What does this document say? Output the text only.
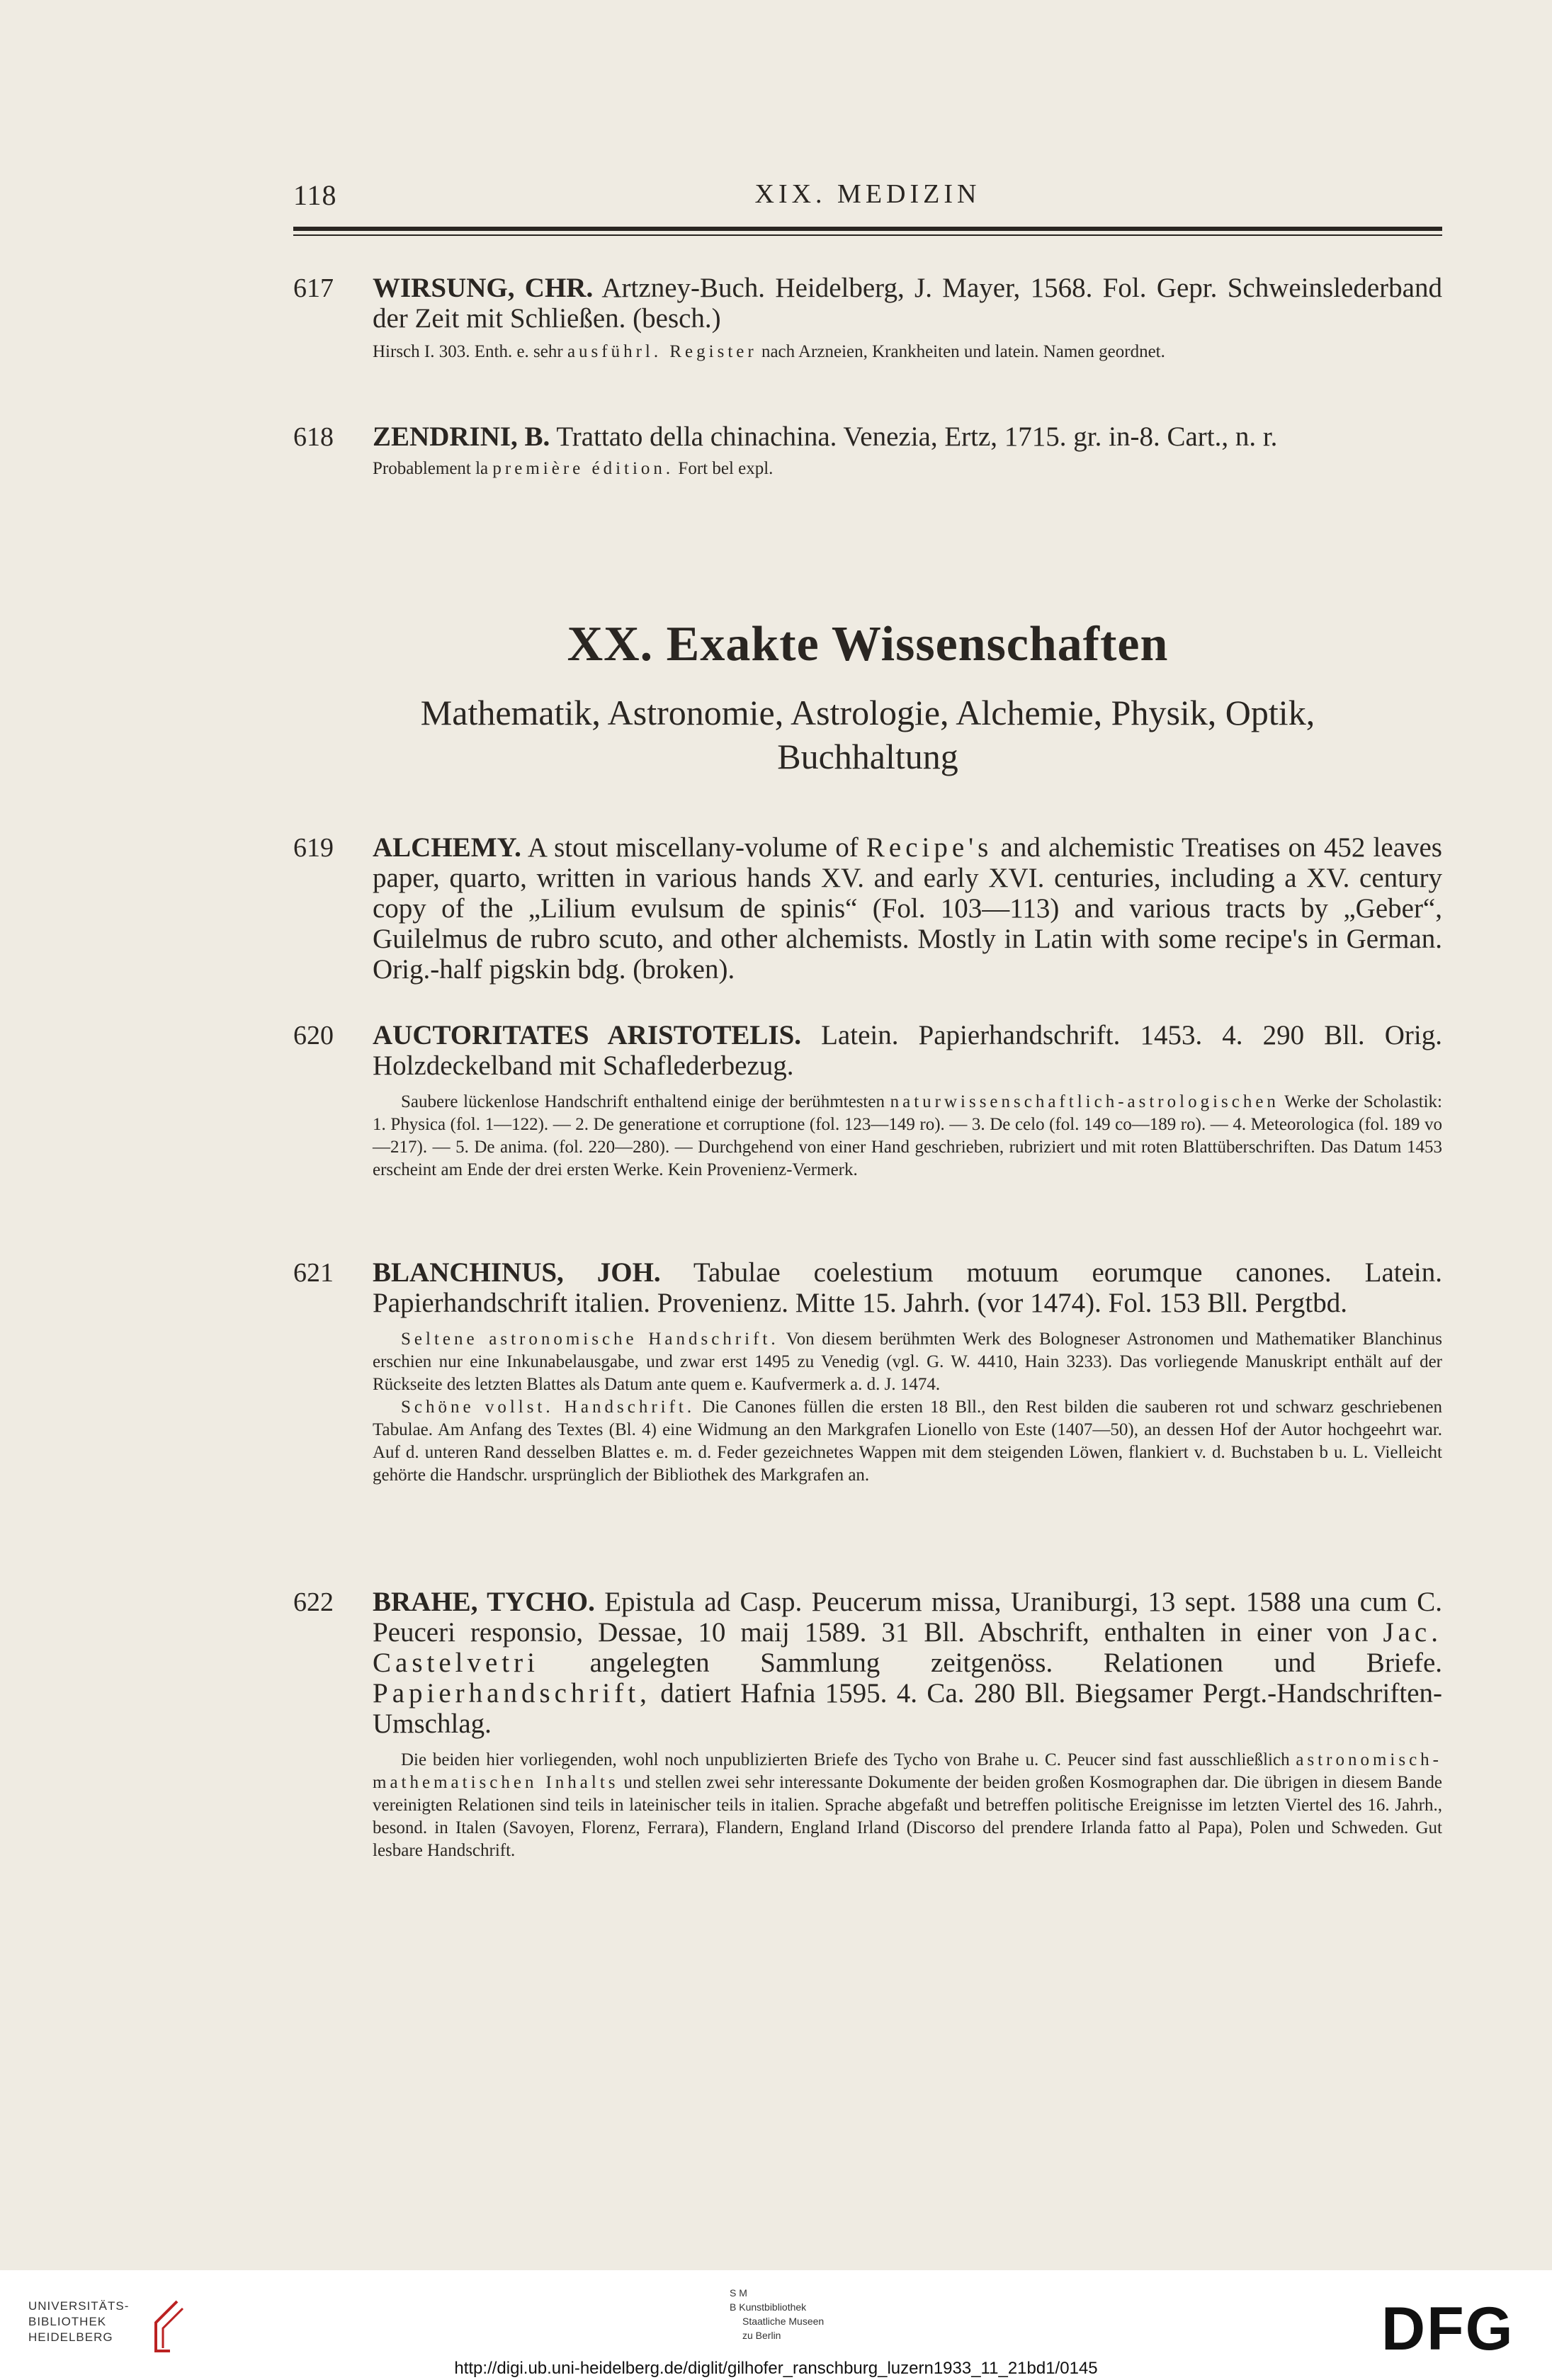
118	XIX. MEDIZIN
617 WIRSUNG, CHR. Artzney-Buch. Heidelberg, J. Mayer, 1568. Fol. Gepr. Schweinslederband der Zeit mit Schließen. (besch.)
Hirsch I. 303. Enth. e. sehr ausführl. Register nach Arzneien, Krankheiten und latein. Namen geordnet.
618 ZENDRINI, B. Trattato della chinachina. Venezia, Ertz, 1715. gr. in-8. Cart., n. r.
Probablement la première édition. Fort bel expl.
XX. Exakte Wissenschaften
Mathematik, Astronomie, Astrologie, Alchemie, Physik, Optik, Buchhaltung
619 ALCHEMY. A stout miscellany-volume of Recipe's and alchemistic Treatises on 452 leaves paper, quarto, written in various hands XV. and early XVI. centuries, including a XV. century copy of the „Lilium evulsum de spinis“ (Fol. 103—113) and various tracts by „Geber“, Guilelmus de rubro scuto, and other alchemists. Mostly in Latin with some recipe's in German. Orig.-half pigskin bdg. (broken).
620 AUCTORITATES ARISTOTELIS. Latein. Papierhandschrift. 1453. 4. 290 Bll. Orig. Holzdeckelband mit Schaflederbezug.

Saubere lückenlose Handschrift enthaltend einige der berühmtesten naturwissenschaftlich-astrologischen Werke der Scholastik: 1. Physica (fol. 1—122). — 2. De generatione et corruptione (fol. 123—149 ro). — 3. De celo (fol. 149 co—189 ro). — 4. Meteorologica (fol. 189 vo—217). — 5. De anima. (fol. 220—280). — Durchgehend von einer Hand geschrieben, rubriziert und mit roten Blattüberschriften. Das Datum 1453 erscheint am Ende der drei ersten Werke. Kein Provenienz-Vermerk.

621 BLANCHINUS, JOH. Tabulae coelestium motuum eorumque canones. Latein. Papierhandschrift italien. Provenienz. Mitte 15. Jahrh. (vor 1474). Fol. 153 Bll. Pergtbd.

Seltene astronomische Handschrift. Von diesem berühmten Werk des Bologneser Astronomen und Mathematiker Blanchinus erschien nur eine Inkunabelausgabe, und zwar erst 1495 zu Venedig (vgl. G. W. 4410, Hain 3233). Das vorliegende Manuskript enthält auf der Rückseite des letzten Blattes als Datum ante quem e. Kaufvermerk a. d. J. 1474.

Schöne vollst. Handschrift. Die Canones füllen die ersten 18 Bll., den Rest bilden die sauberen rot und schwarz geschriebenen Tabulae. Am Anfang des Textes (Bl. 4) eine Widmung an den Markgrafen Lionello von Este (1407—50), an dessen Hof der Autor hochgeehrt war. Auf d. unteren Rand desselben Blattes e. m. d. Feder gezeichnetes Wappen mit dem steigenden Löwen, flankiert v. d. Buchstaben b u. L. Vielleicht gehörte die Handschr. ursprünglich der Bibliothek des Markgrafen an.

622 BRAHE, TYCHO. Epistula ad Casp. Peucerum missa, Uraniburgi, 13 sept. 1588 una cum C. Peuceri responsio, Dessae, 10 maij 1589. 31 Bll. Abschrift, enthalten in einer von Jac. Castelvetri angelegten Sammlung zeitgenöss. Relationen und Briefe. Papierhandschrift, datiert Hafnia 1595. 4. Ca. 280 Bll. Biegsamer Pergt.-Handschriften-Umschlag.

Die beiden hier vorliegenden, wohl noch unpublizierten Briefe des Tycho von Brahe u. C. Peucer sind fast ausschließlich astronomisch-mathematischen Inhalts und stellen zwei sehr interessante Dokumente der beiden großen Kosmographen dar. Die übrigen in diesem Bande vereinigten Relationen sind teils in lateinischer teils in italien. Sprache abgefaßt und betreffen politische Ereignisse im letzten Viertel des 16. Jahrh., besond. in Italen (Savoyen, Florenz, Ferrara), Flandern, England Irland (Discorso del prendere Irlanda fatto al Papa), Polen und Schweden. Gut lesbare Handschrift.

UNIVERSITÄTS-
BIBLIOTHEK
HEIDELBERG
S M
B Kunstbibliothek
Staatliche Museen
zu Berlin	DFG
http://digi.ub.uni-heidelberg.de/diglit/gilhofer_ranschburg_luzern1933_11_21bd1/0145
